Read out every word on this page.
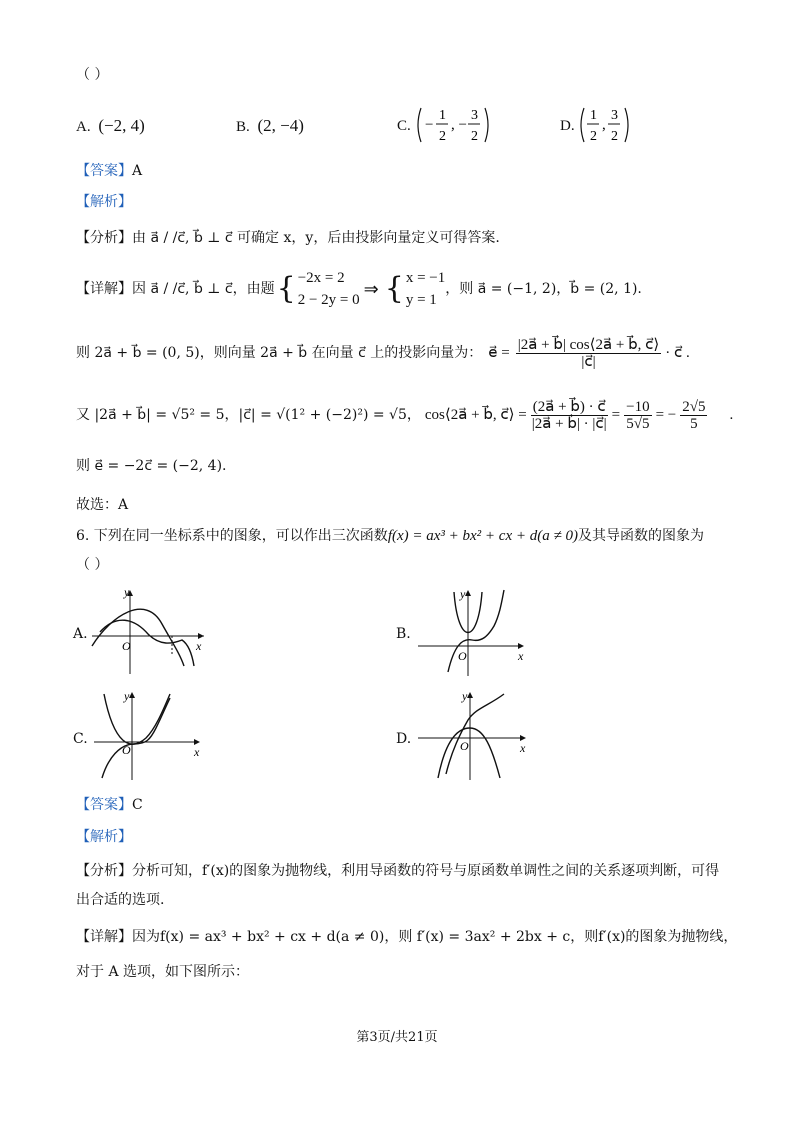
（ ）
A. (−2, 4)	B. (2, −4)	C. −
1
2
, −
3
2
D.
1
2
,
3
2
【答案】A
【解析】
【分析】由 a⃗ / /c⃗, b⃗ ⊥ c⃗ 可确定 x，y，后由投影向量定义可得答案.
【详解】 因 a⃗ / /c⃗, b⃗ ⊥ c⃗，由题 { −2x = 2
2 − 2y = 0
⇒ { x = −1
y = 1
，则 a⃗ = (−1, 2)，b⃗ = (2, 1).
则 2a⃗ + b⃗ = (0, 5)，则向量 2a⃗ + b⃗ 在向量 c⃗ 上的投影向量为： e⃗ = $\frac{|2a⃗ + b⃗| \cos⟨2a⃗ + b⃗, c⃗⟩}{|c⃗|}$ · c⃗ .
又 |2a⃗ + b⃗| = √5² = 5，|c⃗| = √(1² + (−2)²) = √5， cos⟨2a⃗ + b⃗, c⃗⟩ = $\frac{(2a⃗ + b⃗) \cdot c⃗}{|2a⃗ + b⃗| \cdot |c⃗|} = \frac{-10}{5√5}$ = − $\frac{2√5}{5}$ .
则 e⃗ = −2c⃗ = (−2, 4).
故选：A
6. 下列在同一坐标系中的图象，可以作出三次函数f(x) = ax³ + bx² + cx + d(a ≠ 0)及其导函数的图象为
（ ）
A.
y
x
O
B.
y
x
O
C.
y
x
O
D.
y
x
O
【答案】C
【解析】
【分析】分析可知，f′(x)的图象为抛物线，利用导函数的符号与原函数单调性之间的关系逐项判断，可得
出合适的选项.
【详解】因为f(x) = ax³ + bx² + cx + d(a ≠ 0)，则 f′(x) = 3ax² + 2bx + c，则f′(x)的图象为抛物线，
对于 A 选项，如下图所示：
第3页/共21页
